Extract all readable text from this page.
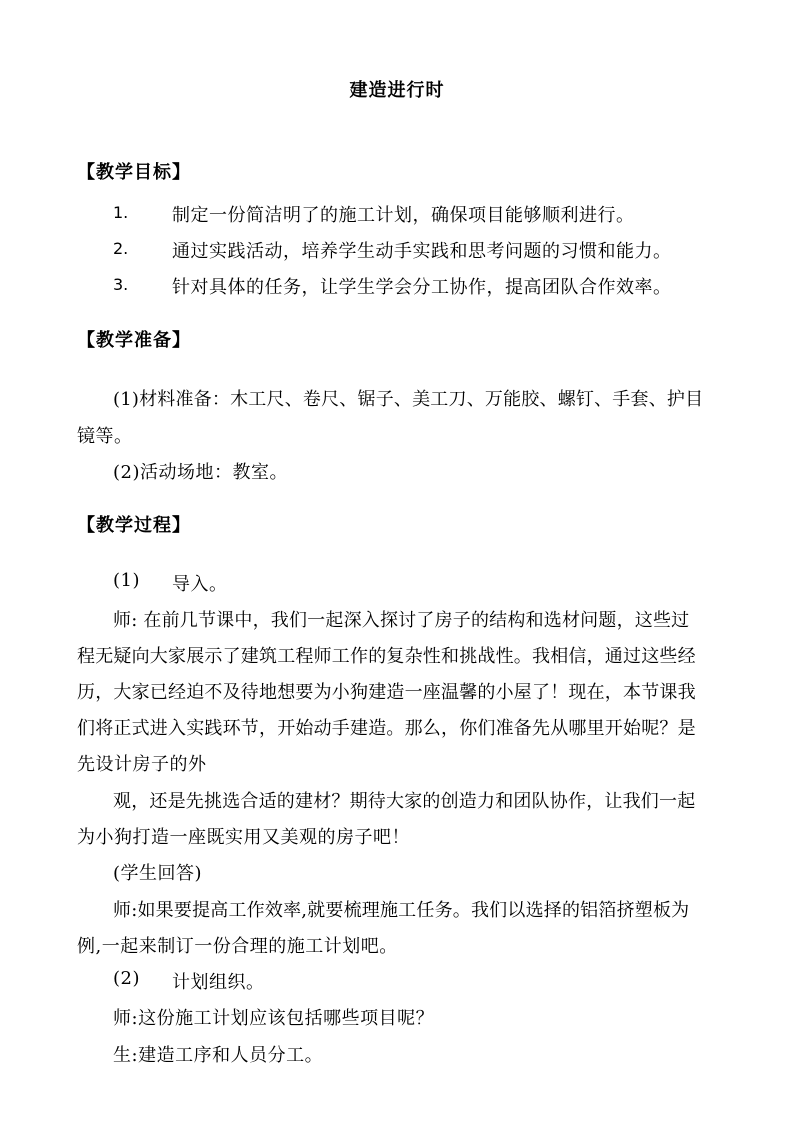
建造进行时
【教学目标】
1. 制定一份简洁明了的施工计划，确保项目能够顺利进行。
2. 通过实践活动，培养学生动手实践和思考问题的习惯和能力。
3. 针对具体的任务，让学生学会分工协作，提高团队合作效率。
【教学准备】
(1)材料准备：木工尺、卷尺、锯子、美工刀、万能胶、螺钉、手套、护目
镜等。
(2)活动场地：教室。
【教学过程】
(1) 导入。
师: 在前几节课中，我们一起深入探讨了房子的结构和选材问题，这些过
程无疑向大家展示了建筑工程师工作的复杂性和挑战性。我相信，通过这些经
历，大家已经迫不及待地想要为小狗建造一座温馨的小屋了！现在，本节课我
们将正式进入实践环节，开始动手建造。那么，你们准备先从哪里开始呢？是
先设计房子的外
观，还是先挑选合适的建材？期待大家的创造力和团队协作，让我们一起
为小狗打造一座既实用又美观的房子吧！
(学生回答)
师:如果要提高工作效率,就要梳理施工任务。我们以选择的铝箔挤塑板为
例,一起来制订一份合理的施工计划吧。
(2) 计划组织。
师:这份施工计划应该包括哪些项目呢？
生:建造工序和人员分工。
